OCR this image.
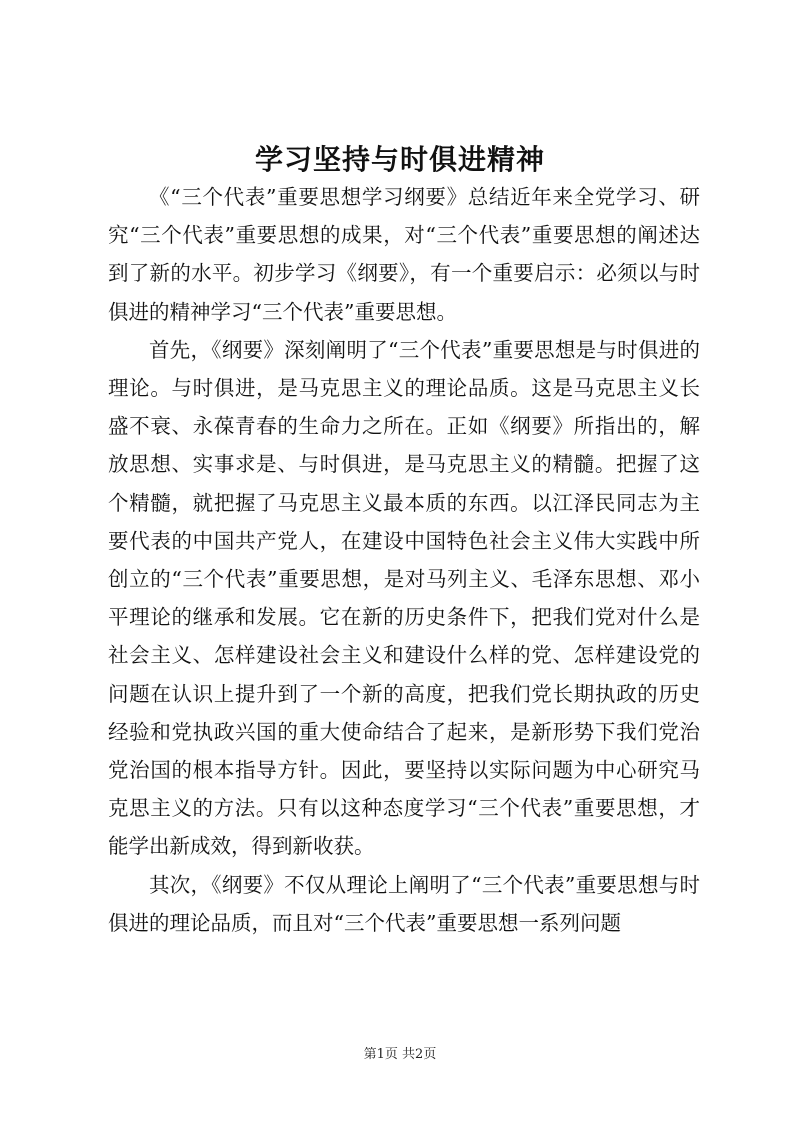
学习坚持与时俱进精神

《“三个代表”重要思想学习纲要》总结近年来全党学习、研究“三个代表”重要思想的成果，对“三个代表”重要思想的阐述达到了新的水平。初步学习《纲要》，有一个重要启示：必须以与时俱进的精神学习“三个代表”重要思想。

首先，《纲要》深刻阐明了“三个代表”重要思想是与时俱进的理论。与时俱进，是马克思主义的理论品质。这是马克思主义长盛不衰、永葆青春的生命力之所在。正如《纲要》所指出的，解放思想、实事求是、与时俱进，是马克思主义的精髓。把握了这个精髓，就把握了马克思主义最本质的东西。以江泽民同志为主要代表的中国共产党人，在建设中国特色社会主义伟大实践中所创立的“三个代表”重要思想，是对马列主义、毛泽东思想、邓小平理论的继承和发展。它在新的历史条件下，把我们党对什么是社会主义、怎样建设社会主义和建设什么样的党、怎样建设党的问题在认识上提升到了一个新的高度，把我们党长期执政的历史经验和党执政兴国的重大使命结合了起来，是新形势下我们党治党治国的根本指导方针。因此，要坚持以实际问题为中心研究马克思主义的方法。只有以这种态度学习“三个代表”重要思想，才能学出新成效，得到新收获。

其次，《纲要》不仅从理论上阐明了“三个代表”重要思想与时俱进的理论品质，而且对“三个代表”重要思想一系列问题

第1页 共2页
